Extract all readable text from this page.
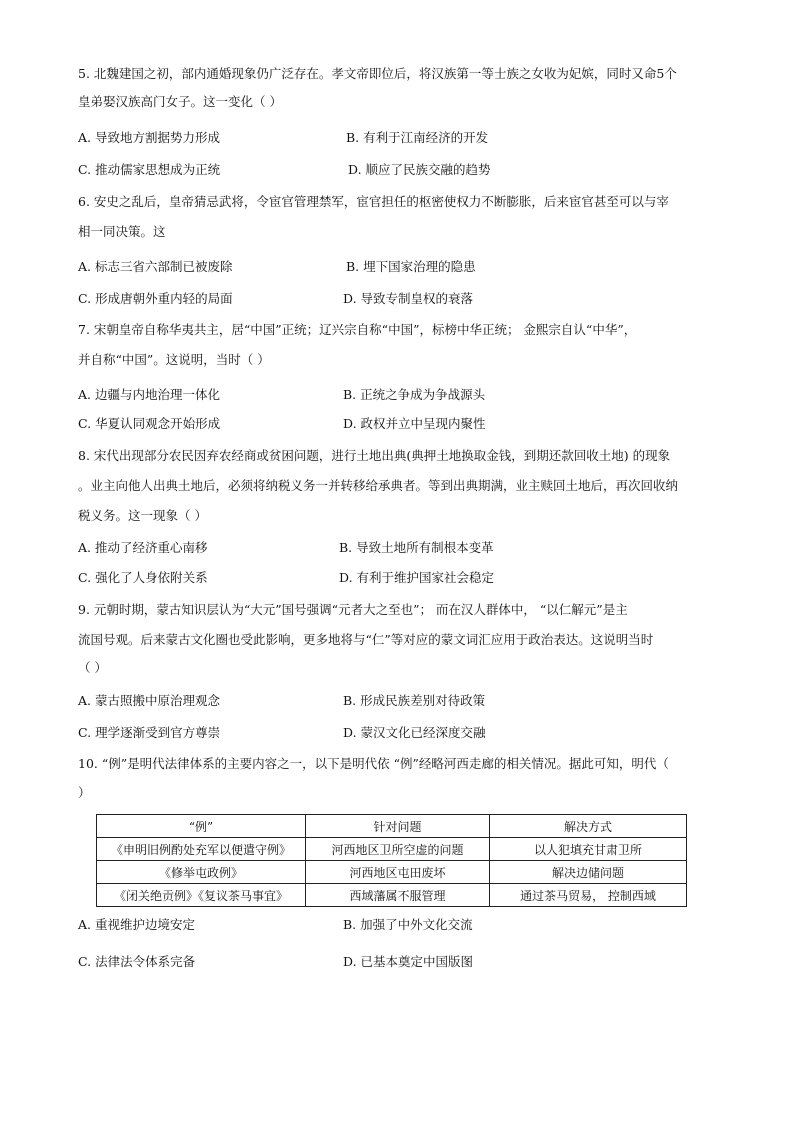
5. 北魏建国之初，部内通婚现象仍广泛存在。孝文帝即位后，将汉族第一等士族之女收为妃嫔，同时又命5个
皇弟娶汉族高门女子。这一变化（ ）
A. 导致地方割据势力形成	B. 有利于江南经济的开发
C. 推动儒家思想成为正统	D. 顺应了民族交融的趋势
6. 安史之乱后，皇帝猜忌武将，令宦官管理禁军，宦官担任的枢密使权力不断膨胀，后来宦官甚至可以与宰
相一同决策。这
A. 标志三省六部制已被废除	B. 埋下国家治理的隐患
C. 形成唐朝外重内轻的局面	D. 导致专制皇权的衰落
7. 宋朝皇帝自称华夷共主，居“中国”正统；辽兴宗自称“中国”，标榜中华正统； 金熙宗自认“中华”，
并自称“中国”。这说明，当时（ ）
A. 边疆与内地治理一体化	B. 正统之争成为争战源头
C. 华夏认同观念开始形成	D. 政权并立中呈现内聚性
8. 宋代出现部分农民因弃农经商或贫困问题，进行土地出典(典押土地换取金钱，到期还款回收土地) 的现象
。业主向他人出典土地后，必须将纳税义务一并转移给承典者。等到出典期满，业主赎回土地后，再次回收纳
税义务。这一现象（ ）
A. 推动了经济重心南移	B. 导致土地所有制根本变革
C. 强化了人身依附关系	D. 有利于维护国家社会稳定
9. 元朝时期，蒙古知识层认为“大元”国号强调“元者大之至也”； 而在汉人群体中， “以仁解元”是主
流国号观。后来蒙古文化圈也受此影响，更多地将与“仁”等对应的蒙文词汇应用于政治表达。这说明当时
（ ）
A. 蒙古照搬中原治理观念	B. 形成民族差别对待政策
C. 理学逐渐受到官方尊崇	D. 蒙汉文化已经深度交融
10. “例”是明代法律体系的主要内容之一，以下是明代依 “例”经略河西走廊的相关情况。据此可知，明代（
）
“例”	针对问题	解决方式
《申明旧例酌处充军以便遣守例》	河西地区卫所空虚的问题	以人犯填充甘肃卫所
《修举屯政例》	河西地区屯田废坏	解决边储问题
《闭关绝贡例》《复议茶马事宜》	西域藩属不服管理	通过茶马贸易， 控制西域
A. 重视维护边境安定	B. 加强了中外文化交流
C. 法律法令体系完备	D. 已基本奠定中国版图
